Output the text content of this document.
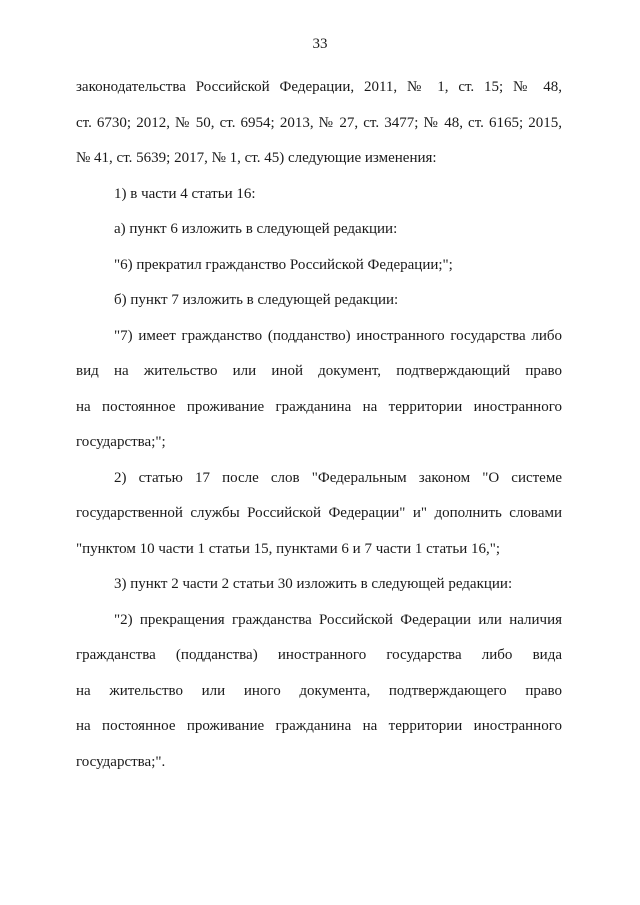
33
законодательства Российской Федерации, 2011, № 1, ст. 15; № 48,
ст. 6730; 2012, № 50, ст. 6954; 2013, № 27, ст. 3477; № 48, ст. 6165; 2015,
№ 41, ст. 5639; 2017, № 1, ст. 45) следующие изменения:
1) в части 4 статьи 16:
а) пункт 6 изложить в следующей редакции:
"6) прекратил гражданство Российской Федерации;";
б) пункт 7 изложить в следующей редакции:
"7) имеет гражданство (подданство) иностранного государства либо
вид на жительство или иной документ, подтверждающий право
на постоянное проживание гражданина на территории иностранного
государства;";
2) статью 17 после слов "Федеральным законом "О системе
государственной службы Российской Федерации" и" дополнить словами
"пунктом 10 части 1 статьи 15, пунктами 6 и 7 части 1 статьи 16,";
3) пункт 2 части 2 статьи 30 изложить в следующей редакции:
"2) прекращения гражданства Российской Федерации или наличия
гражданства (подданства) иностранного государства либо вида
на жительство или иного документа, подтверждающего право
на постоянное проживание гражданина на территории иностранного
государства;".
